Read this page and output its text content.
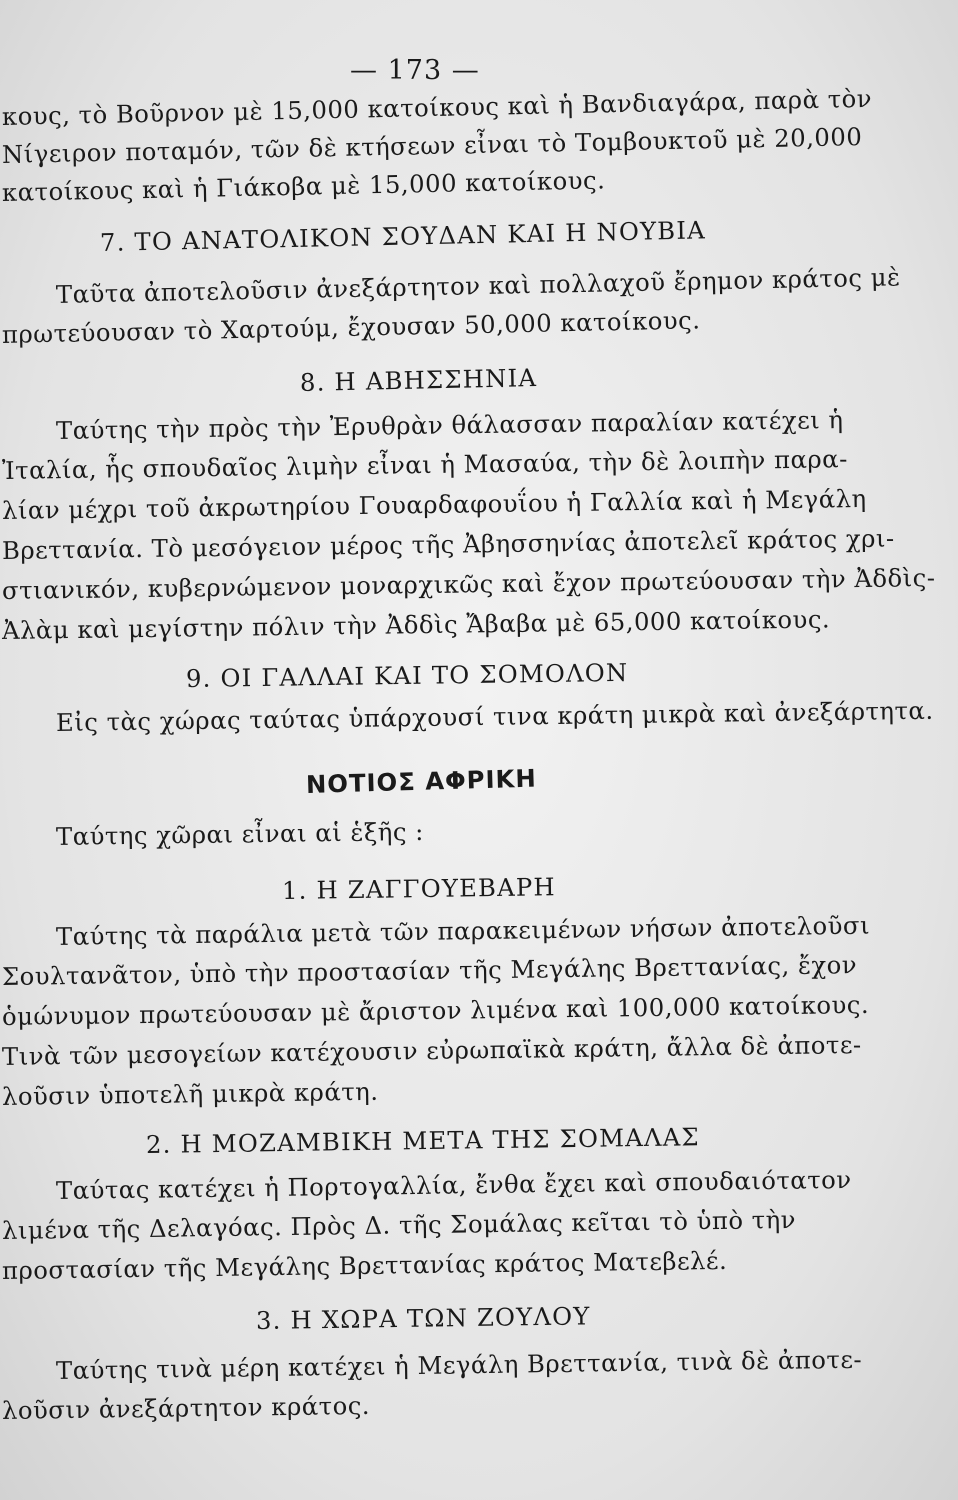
— 173 —
κους, τὸ Βοῦρνον μὲ 15,000 κατοίκους καὶ ἡ Βανδιαγάρα, παρὰ τὸν
Νίγειρον ποταμόν, τῶν δὲ κτήσεων εἶναι τὸ Τομβουκτοῦ μὲ 20,000
κατοίκους καὶ ἡ Γιάκοβα μὲ 15,000 κατοίκους.
7. ΤΟ ΑΝΑΤΟΛΙΚΟΝ ΣΟΥΔΑΝ ΚΑΙ Η ΝΟΥΒΙΑ
Ταῦτα ἀποτελοῦσιν ἀνεξάρτητον καὶ πολλαχοῦ ἔρημον κράτος μὲ
πρωτεύουσαν τὸ Χαρτούμ, ἔχουσαν 50,000 κατοίκους.
8. Η ΑΒΗΣΣΗΝΙΑ
Ταύτης τὴν πρὸς τὴν Ἐρυθρὰν θάλασσαν παραλίαν κατέχει ἡ
Ἰταλία, ἧς σπουδαῖος λιμὴν εἶναι ἡ Μασαύα, τὴν δὲ λοιπὴν παρα-
λίαν μέχρι τοῦ ἀκρωτηρίου Γουαρδαφουΐου ἡ Γαλλία καὶ ἡ Μεγάλη
Βρεττανία. Τὸ μεσόγειον μέρος τῆς Ἀβησσηνίας ἀποτελεῖ κράτος χρι-
στιανικόν, κυβερνώμενον μοναρχικῶς καὶ ἔχον πρωτεύουσαν τὴν Ἀδδὶς-
Ἀλὰμ καὶ μεγίστην πόλιν τὴν Ἀδδὶς Ἄβαβα μὲ 65,000 κατοίκους.
9. ΟΙ ΓΑΛΛΑΙ ΚΑΙ ΤΟ ΣΟΜΟΛΟΝ
Εἰς τὰς χώρας ταύτας ὑπάρχουσί τινα κράτη μικρὰ καὶ ἀνεξάρτητα.
ΝΟΤΙΟΣ ΑΦΡΙΚΗ
Ταύτης χῶραι εἶναι αἱ ἑξῆς :
1. Η ΖΑΓΓΟΥΕΒΑΡΗ
Ταύτης τὰ παράλια μετὰ τῶν παρακειμένων νήσων ἀποτελοῦσι
Σουλτανᾶτον, ὑπὸ τὴν προστασίαν τῆς Μεγάλης Βρεττανίας, ἔχον
ὁμώνυμον πρωτεύουσαν μὲ ἄριστον λιμένα καὶ 100,000 κατοίκους.
Τινὰ τῶν μεσογείων κατέχουσιν εὐρωπαϊκὰ κράτη, ἄλλα δὲ ἀποτε-
λοῦσιν ὑποτελῆ μικρὰ κράτη.
2. Η ΜΟΖΑΜΒΙΚΗ ΜΕΤΑ ΤΗΣ ΣΟΜΑΛΑΣ
Ταύτας κατέχει ἡ Πορτογαλλία, ἔνθα ἔχει καὶ σπουδαιότατον
λιμένα τῆς Δελαγόας. Πρὸς Δ. τῆς Σομάλας κεῖται τὸ ὑπὸ τὴν
προστασίαν τῆς Μεγάλης Βρεττανίας κράτος Ματεβελέ.
3. Η ΧΩΡΑ ΤΩΝ ΖΟΥΛΟΥ
Ταύτης τινὰ μέρη κατέχει ἡ Μεγάλη Βρεττανία, τινὰ δὲ ἀποτε-
λοῦσιν ἀνεξάρτητον κράτος.
